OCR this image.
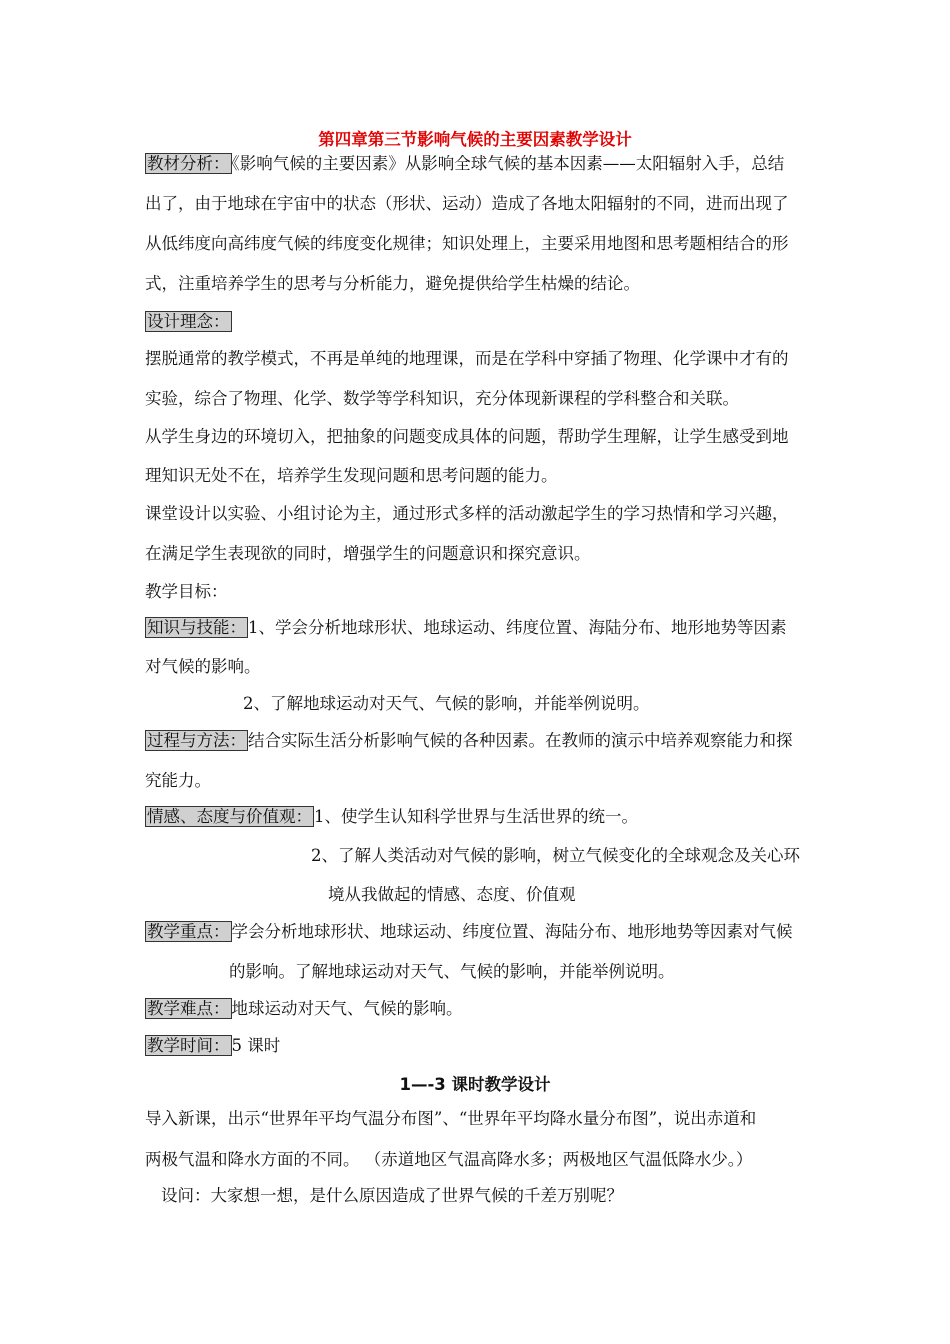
第四章第三节影响气候的主要因素教学设计
教材分析： 《影响气候的主要因素》从影响全球气候的基本因素——太阳辐射入手，总结
出了，由于地球在宇宙中的状态（形状、运动）造成了各地太阳辐射的不同，进而出现了
从低纬度向高纬度气候的纬度变化规律；知识处理上，主要采用地图和思考题相结合的形
式，注重培养学生的思考与分析能力，避免提供给学生枯燥的结论。
设计理念：
摆脱通常的教学模式，不再是单纯的地理课，而是在学科中穿插了物理、化学课中才有的
实验，综合了物理、化学、数学等学科知识，充分体现新课程的学科整合和关联。
从学生身边的环境切入，把抽象的问题变成具体的问题，帮助学生理解，让学生感受到地
理知识无处不在，培养学生发现问题和思考问题的能力。
课堂设计以实验、小组讨论为主，通过形式多样的活动激起学生的学习热情和学习兴趣，
在满足学生表现欲的同时，增强学生的问题意识和探究意识。
教学目标：
知识与技能： 1、学会分析地球形状、地球运动、纬度位置、海陆分布、地形地势等因素
对气候的影响。
2、了解地球运动对天气、气候的影响，并能举例说明。
过程与方法： 结合实际生活分析影响气候的各种因素。在教师的演示中培养观察能力和探
究能力。
情感、态度与价值观： 1、使学生认知科学世界与生活世界的统一。
2、了解人类活动对气候的影响，树立气候变化的全球观念及关心环
境从我做起的情感、态度、价值观
教学重点： 学会分析地球形状、地球运动、纬度位置、海陆分布、地形地势等因素对气候
的影响。了解地球运动对天气、气候的影响，并能举例说明。
教学难点： 地球运动对天气、气候的影响。
教学时间： 5 课时
1—-3 课时教学设计
导入新课，出示“世界年平均气温分布图”、“世界年平均降水量分布图”，说出赤道和
两极气温和降水方面的不同。 （赤道地区气温高降水多；两极地区气温低降水少。）
设问：大家想一想，是什么原因造成了世界气候的千差万别呢？
